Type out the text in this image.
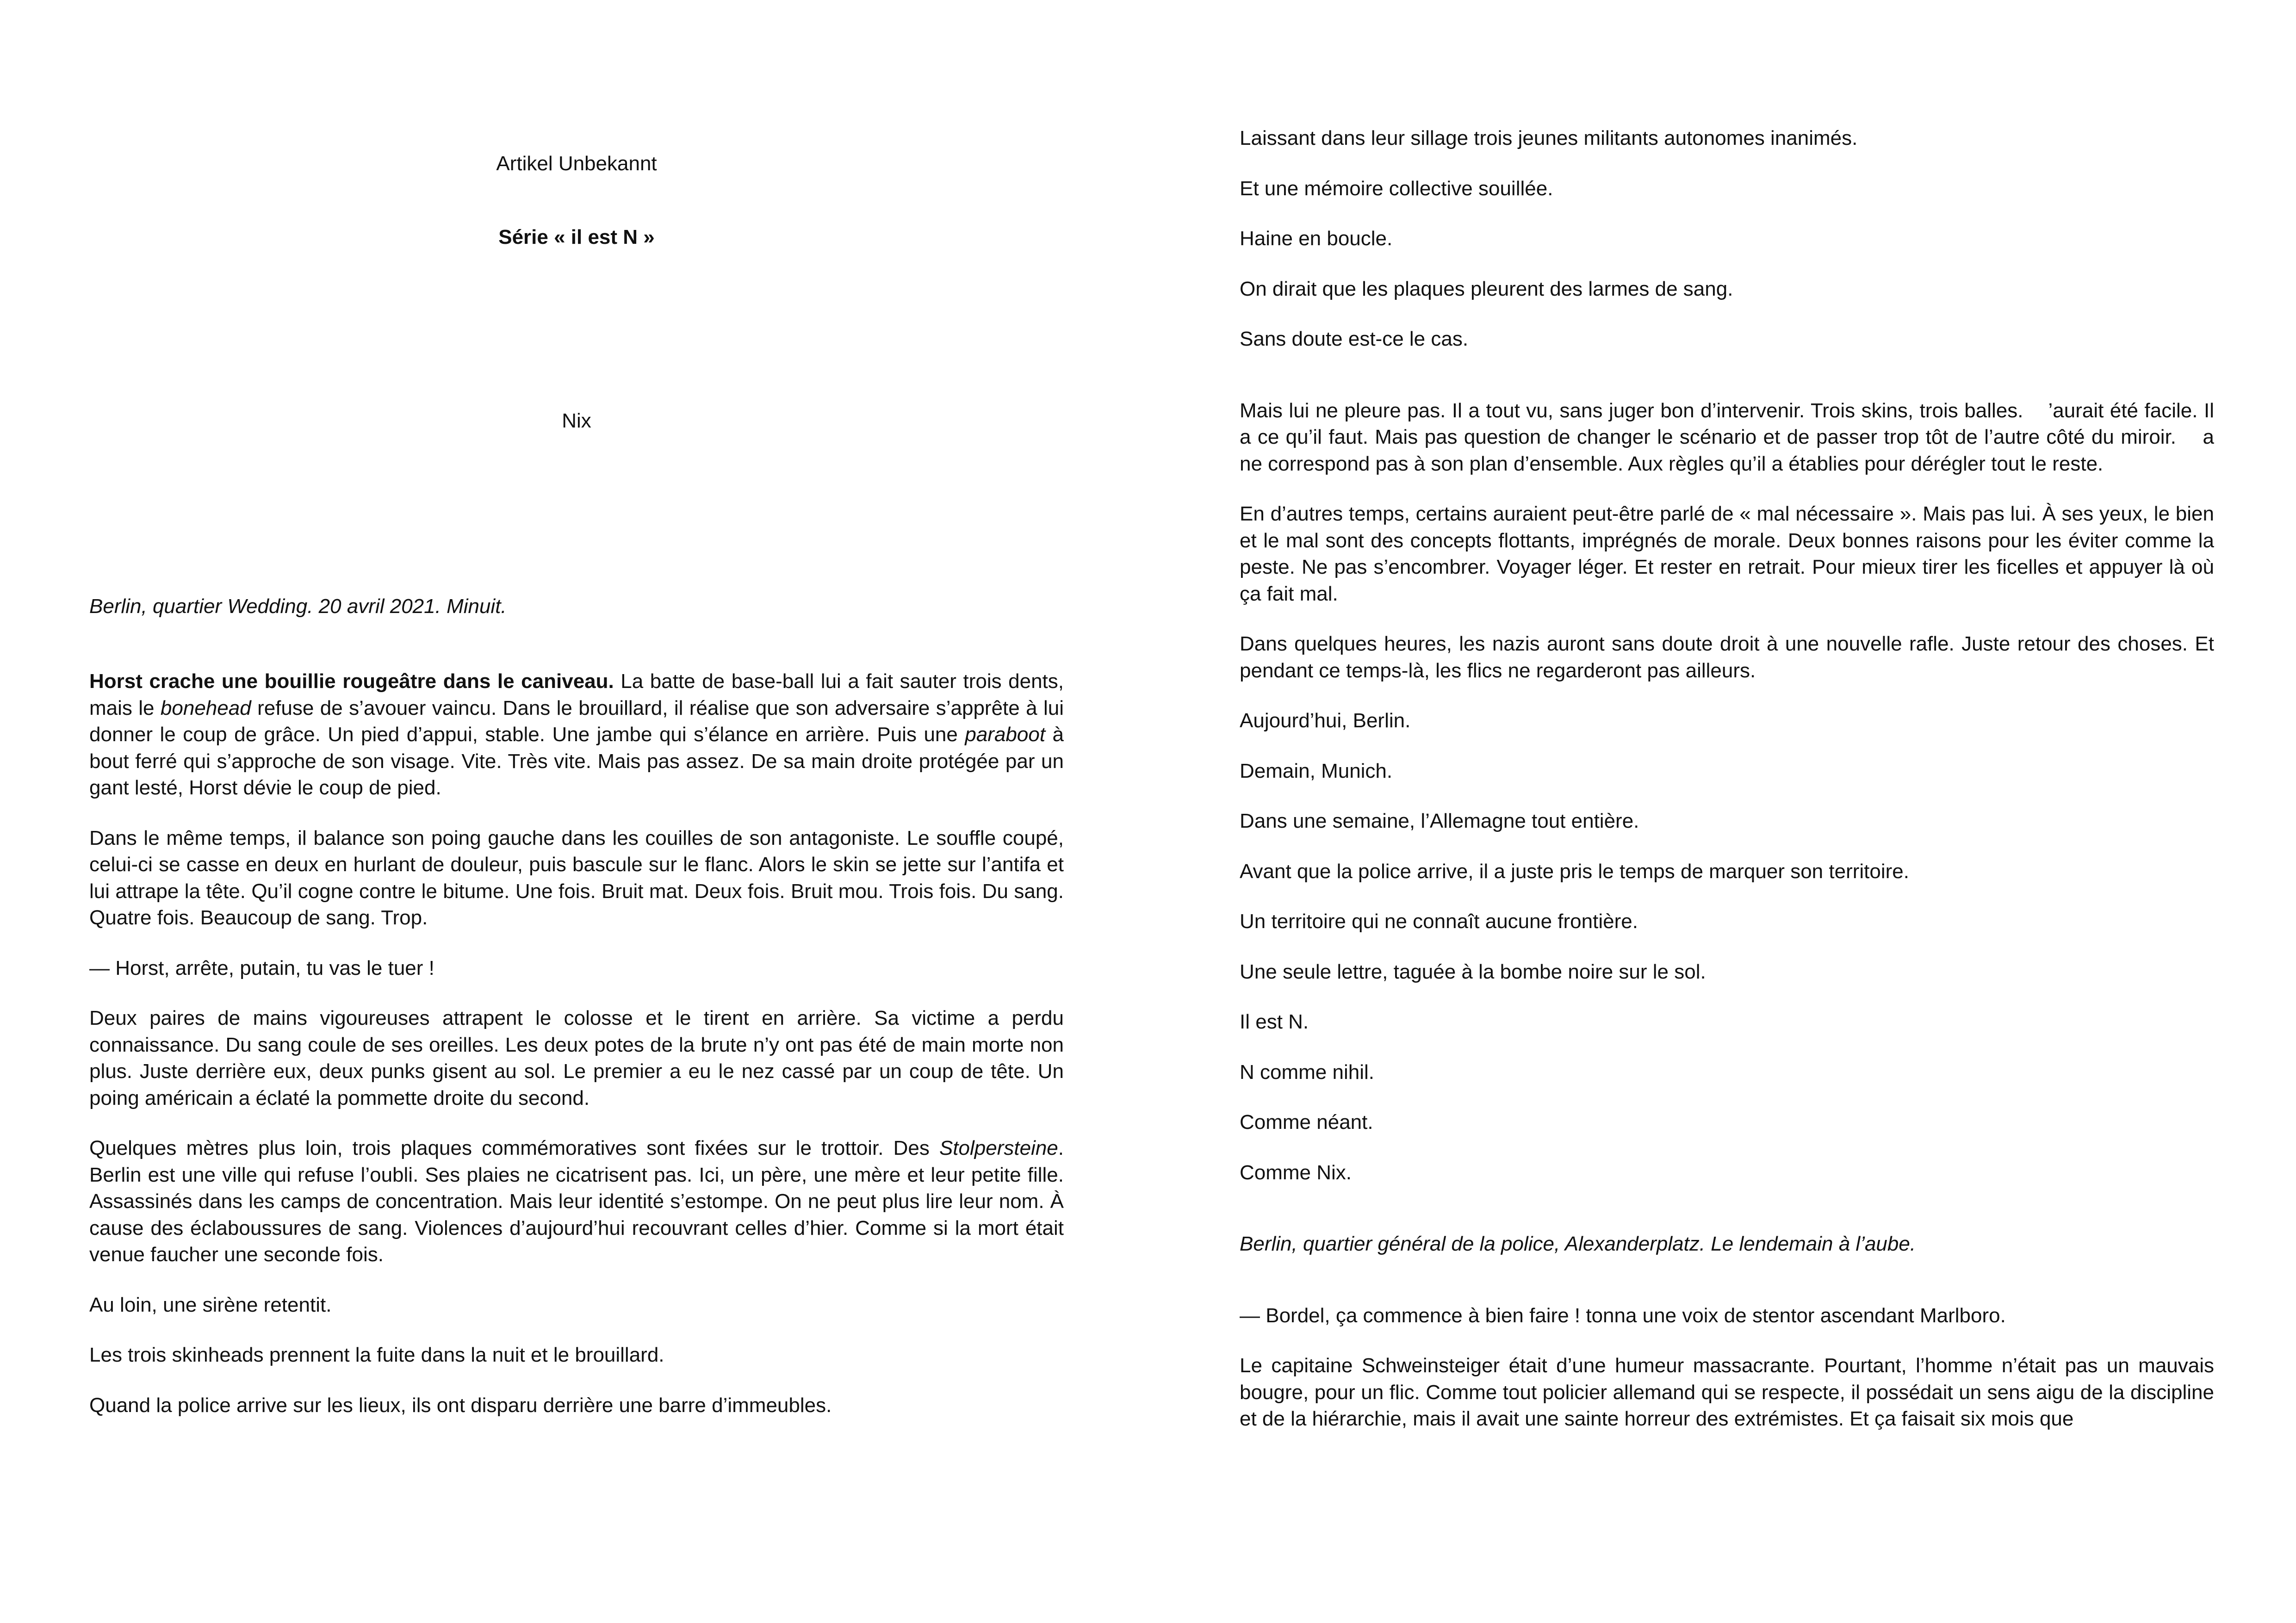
Artikel Unbekannt
Série « il est N »
Nix

Berlin, quartier Wedding. 20 avril 2021. Minuit.

Horst crache une bouillie rougeâtre dans le caniveau. La batte de base-ball lui a fait sauter trois dents, mais le bonehead refuse de s’avouer vaincu. Dans le brouillard, il réalise que son adversaire s’apprête à lui donner le coup de grâce. Un pied d’appui, stable. Une jambe qui s’élance en arrière. Puis une paraboot à bout ferré qui s’approche de son visage. Vite. Très vite. Mais pas assez. De sa main droite protégée par un gant lesté, Horst dévie le coup de pied.

Dans le même temps, il balance son poing gauche dans les couilles de son antagoniste. Le souffle coupé, celui-ci se casse en deux en hurlant de douleur, puis bascule sur le flanc. Alors le skin se jette sur l’antifa et lui attrape la tête. Qu’il cogne contre le bitume. Une fois. Bruit mat. Deux fois. Bruit mou. Trois fois. Du sang. Quatre fois. Beaucoup de sang. Trop.

— Horst, arrête, putain, tu vas le tuer !

Deux paires de mains vigoureuses attrapent le colosse et le tirent en arrière. Sa victime a perdu connaissance. Du sang coule de ses oreilles. Les deux potes de la brute n’y ont pas été de main morte non plus. Juste derrière eux, deux punks gisent au sol. Le premier a eu le nez cassé par un coup de tête. Un poing américain a éclaté la pommette droite du second.

Quelques mètres plus loin, trois plaques commémoratives sont fixées sur le trottoir. Des Stolpersteine. Berlin est une ville qui refuse l’oubli. Ses plaies ne cicatrisent pas. Ici, un père, une mère et leur petite fille. Assassinés dans les camps de concentration. Mais leur identité s’estompe. On ne peut plus lire leur nom. À cause des éclaboussures de sang. Violences d’aujourd’hui recouvrant celles d’hier. Comme si la mort était venue faucher une seconde fois.

Au loin, une sirène retentit.

Les trois skinheads prennent la fuite dans la nuit et le brouillard.

Quand la police arrive sur les lieux, ils ont disparu derrière une barre d’immeubles.

Laissant dans leur sillage trois jeunes militants autonomes inanimés.

Et une mémoire collective souillée.

Haine en boucle.

On dirait que les plaques pleurent des larmes de sang.

Sans doute est-ce le cas.

Mais lui ne pleure pas. Il a tout vu, sans juger bon d’intervenir. Trois skins, trois balles.    ’aurait été facile. Il a ce qu’il faut. Mais pas question de changer le scénario et de passer trop tôt de l’autre côté du miroir.    a ne correspond pas à son plan d’ensemble. Aux règles qu’il a établies pour dérégler tout le reste.

En d’autres temps, certains auraient peut-être parlé de « mal nécessaire ». Mais pas lui. À ses yeux, le bien et le mal sont des concepts flottants, imprégnés de morale. Deux bonnes raisons pour les éviter comme la peste. Ne pas s’encombrer. Voyager léger. Et rester en retrait. Pour mieux tirer les ficelles et appuyer là où ça fait mal.

Dans quelques heures, les nazis auront sans doute droit à une nouvelle rafle. Juste retour des choses. Et pendant ce temps-là, les flics ne regarderont pas ailleurs.

Aujourd’hui, Berlin.

Demain, Munich.

Dans une semaine, l’Allemagne tout entière.

Avant que la police arrive, il a juste pris le temps de marquer son territoire.

Un territoire qui ne connaît aucune frontière.

Une seule lettre, taguée à la bombe noire sur le sol.

Il est N.

N comme nihil.

Comme néant.

Comme Nix.

Berlin, quartier général de la police, Alexanderplatz. Le lendemain à l’aube.

— Bordel, ça commence à bien faire ! tonna une voix de stentor ascendant Marlboro.

Le capitaine Schweinsteiger était d’une humeur massacrante. Pourtant, l’homme n’était pas un mauvais bougre, pour un flic. Comme tout policier allemand qui se respecte, il possédait un sens aigu de la discipline et de la hiérarchie, mais il avait une sainte horreur des extrémistes. Et ça faisait six mois que
